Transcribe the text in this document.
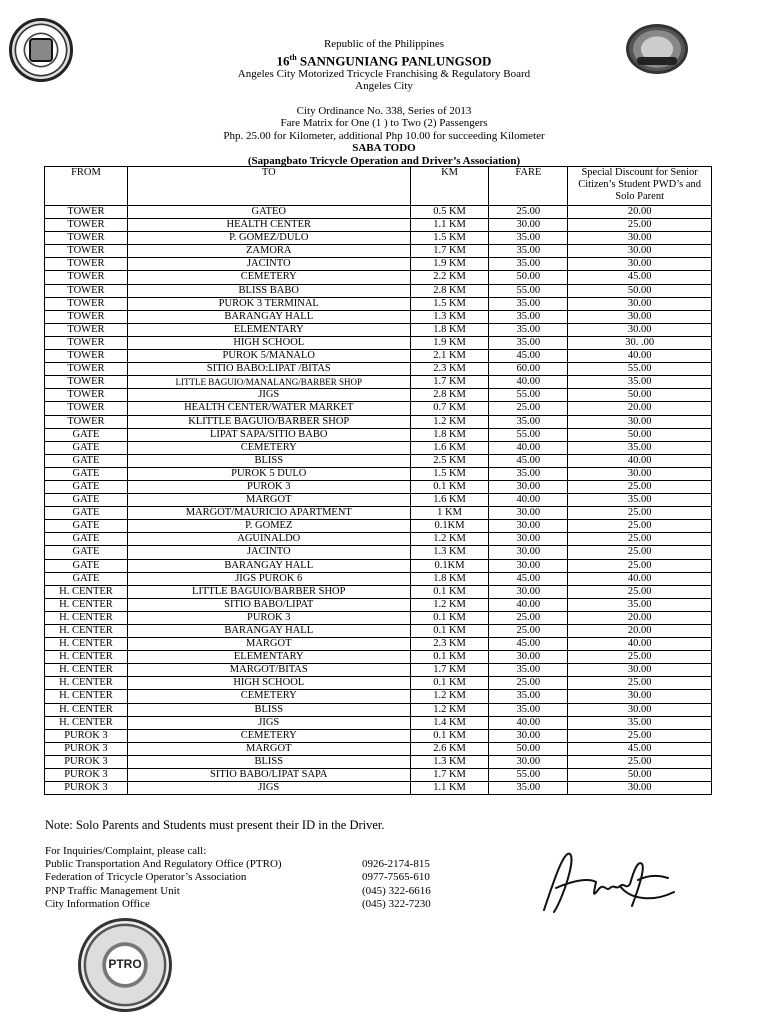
Republic of the Philippines
16th SANNGUNIANG PANLUNGSOD
Angeles City Motorized Tricycle Franchising & Regulatory Board
Angeles City
City Ordinance No. 338, Series of 2013
Fare Matrix for One (1 ) to Two (2) Passengers
Php. 25.00 for Kilometer, additional Php 10.00 for succeeding Kilometer
SABA TODO
(Sapangbato Tricycle Operation and Driver’s Association)
FROM	TO	KM	FARE	Special Discount for Senior Citizen’s Student PWD’s and Solo Parent
TOWER	GATEO	0.5 KM	25.00	20.00
TOWER	HEALTH CENTER	1.1 KM	30.00	25.00
TOWER	P. GOMEZ/DULO	1.5 KM	35.00	30.00
TOWER	ZAMORA	1.7 KM	35.00	30.00
TOWER	JACINTO	1.9 KM	35.00	30.00
TOWER	CEMETERY	2.2 KM	50.00	45.00
TOWER	BLISS BABO	2.8 KM	55.00	50.00
TOWER	PUROK 3 TERMINAL	1.5 KM	35.00	30.00
TOWER	BARANGAY HALL	1.3 KM	35.00	30.00
TOWER	ELEMENTARY	1.8 KM	35.00	30.00
TOWER	HIGH SCHOOL	1.9 KM	35.00	30. .00
TOWER	PUROK 5/MANALO	2.1 KM	45.00	40.00
TOWER	SITIO BABO:LIPAT /BITAS	2.3 KM	60.00	55.00
TOWER	LITTLE BAGUIO/MANALANG/BARBER SHOP	1.7 KM	40.00	35.00
TOWER	JIGS	2.8 KM	55.00	50.00
TOWER	HEALTH CENTER/WATER MARKET	0.7 KM	25.00	20.00
TOWER	KLITTLE BAGUIO/BARBER SHOP	1.2 KM	35.00	30.00
GATE	LIPAT SAPA/SITIO BABO	1.8 KM	55.00	50.00
GATE	CEMETERY	1.6 KM	40.00	35.00
GATE	BLISS	2.5 KM	45.00	40.00
GATE	PUROK 5 DULO	1.5 KM	35.00	30.00
GATE	PUROK 3	0.1 KM	30.00	25.00
GATE	MARGOT	1.6 KM	40.00	35.00
GATE	MARGOT/MAURICIO APARTMENT	1 KM	30.00	25.00
GATE	P. GOMEZ	0.1KM	30.00	25.00
GATE	AGUINALDO	1.2 KM	30.00	25.00
GATE	JACINTO	1.3 KM	30.00	25.00
GATE	BARANGAY HALL	0.1KM	30.00	25.00
GATE	JIGS PUROK 6	1.8 KM	45.00	40.00
H. CENTER	LITTLE BAGUIO/BARBER SHOP	0.1 KM	30.00	25.00
H. CENTER	SITIO BABO/LIPAT	1.2 KM	40.00	35.00
H. CENTER	PUROK 3	0.1 KM	25.00	20.00
H. CENTER	BARANGAY HALL	0.1 KM	25.00	20.00
H. CENTER	MARGOT	2.3 KM	45.00	40.00
H. CENTER	ELEMENTARY	0.1 KM	30.00	25.00
H. CENTER	MARGOT/BITAS	1.7 KM	35.00	30.00
H. CENTER	HIGH SCHOOL	0.1 KM	25.00	25.00
H. CENTER	CEMETERY	1.2 KM	35.00	30.00
H. CENTER	BLISS	1.2 KM	35.00	30.00
H. CENTER	JIGS	1.4 KM	40.00	35.00
PUROK 3	CEMETERY	0.1 KM	30.00	25.00
PUROK 3	MARGOT	2.6 KM	50.00	45.00
PUROK 3	BLISS	1.3 KM	30.00	25.00
PUROK 3	SITIO BABO/LIPAT SAPA	1.7 KM	55.00	50.00
PUROK 3	JIGS	1.1 KM	35.00	30.00
Note: Solo Parents and Students must present their ID in the Driver.
For Inquiries/Complaint, please call:
Public Transportation And Regulatory Office (PTRO)	0926-2174-815
Federation of Tricycle Operator’s Association	0977-7565-610
PNP Traffic Management Unit	(045) 322-6616
City Information Office	(045) 322-7230
PTRO
